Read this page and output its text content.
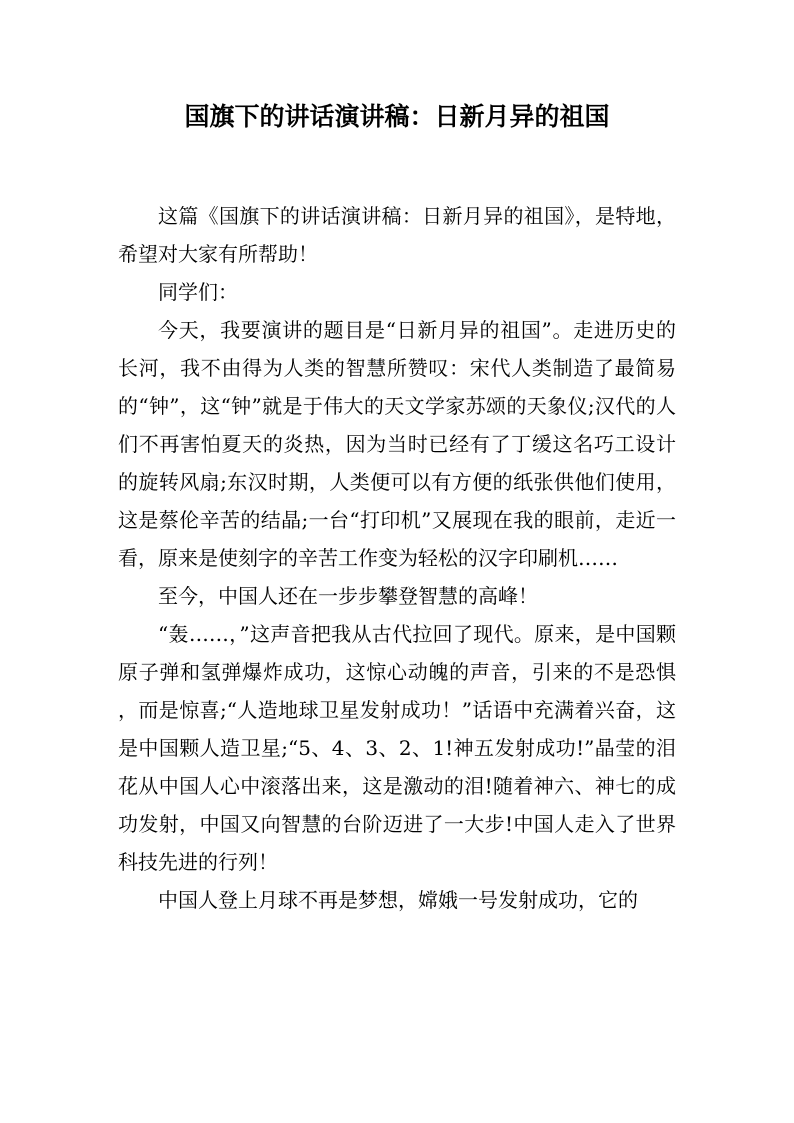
国旗下的讲话演讲稿：日新月异的祖国

这篇《国旗下的讲话演讲稿：日新月异的祖国》，是特地，希望对大家有所帮助！

同学们：

今天，我要演讲的题目是“日新月异的祖国”。走进历史的长河，我不由得为人类的智慧所赞叹：宋代人类制造了最简易的“钟”，这“钟”就是于伟大的天文学家苏颂的天象仪;汉代的人们不再害怕夏天的炎热，因为当时已经有了丁缓这名巧工设计的旋转风扇;东汉时期，人类便可以有方便的纸张供他们使用，这是蔡伦辛苦的结晶;一台“打印机”又展现在我的眼前，走近一看，原来是使刻字的辛苦工作变为轻松的汉字印刷机……

至今，中国人还在一步步攀登智慧的高峰！

“轰……，”这声音把我从古代拉回了现代。原来，是中国颗原子弹和氢弹爆炸成功，这惊心动魄的声音，引来的不是恐惧，而是惊喜;“人造地球卫星发射成功！”话语中充满着兴奋，这是中国颗人造卫星;“5、4、3、2、1!神五发射成功!”晶莹的泪花从中国人心中滚落出来，这是激动的泪!随着神六、神七的成功发射，中国又向智慧的台阶迈进了一大步!中国人走入了世界科技先进的行列！

中国人登上月球不再是梦想，嫦娥一号发射成功，它的
